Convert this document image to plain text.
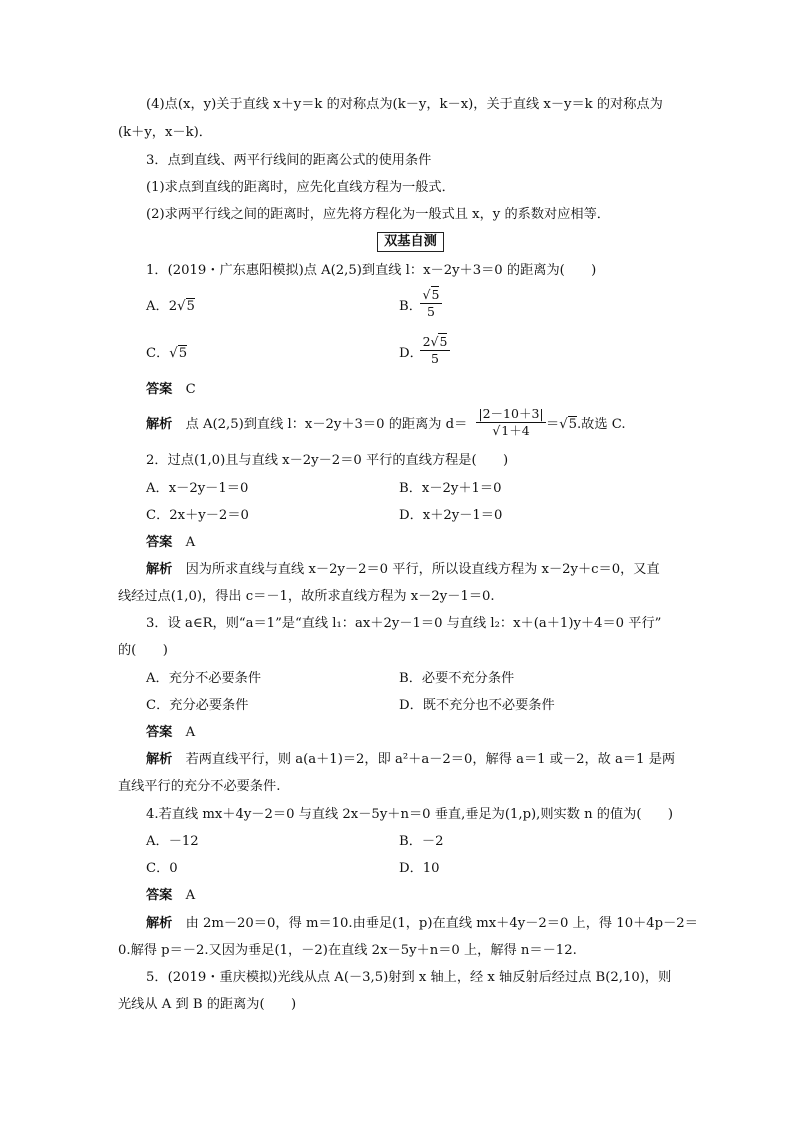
(4)点(x，y)关于直线 x＋y＝k 的对称点为(k－y，k－x)，关于直线 x－y＝k 的对称点为
(k＋y，x－k)．
3．点到直线、两平行线间的距离公式的使用条件
(1)求点到直线的距离时，应先化直线方程为一般式．
(2)求两平行线之间的距离时，应先将方程化为一般式且 x，y 的系数对应相等．
双基自测
1．(2019・广东惠阳模拟)点 A(2,5)到直线 l：x－2y＋3＝0 的距离为(　　)
A．2√5	B．
$\frac{√5}{5}$
C．√5	D．
$\frac{2√5}{5}$
答案　 C
解析　 点 A(2,5)到直线 l：x－2y＋3＝0 的距离为 $d= \frac{|2-10+3|}{√1+4} =√5$.故选 C.
2．过点(1,0)且与直线 x－2y－2＝0 平行的直线方程是(　　)
A．x－2y－1＝0	B．x－2y＋1＝0
C．2x＋y－2＝0	D．x＋2y－1＝0
答案　 A
解析　 因为所求直线与直线 x－2y－2＝0 平行，所以设直线方程为 x－2y＋c＝0，又直
线经过点(1,0)，得出 c＝－1，故所求直线方程为 x－2y－1＝0.
3．设 a∈R，则“a＝1”是“直线 l₁：ax＋2y－1＝0 与直线 l₂：x＋(a＋1)y＋4＝0 平行”
的(　　)
A．充分不必要条件	B．必要不充分条件
C．充分必要条件	D．既不充分也不必要条件
答案　 A
解析　 若两直线平行，则 a(a＋1)＝2，即 a²＋a－2＝0，解得 a＝1 或－2，故 a＝1 是两
直线平行的充分不必要条件.
4.若直线 mx＋4y－2＝0 与直线 2x－5y＋n＝0 垂直,垂足为(1,p),则实数 n 的值为(　　)
A．－12	B．－2
C．0	D．10
答案　 A
解析　 由 2m－20＝0，得 m＝10.由垂足(1，p)在直线 mx＋4y－2＝0 上，得 10＋4p－2＝
0.解得 p＝－2.又因为垂足(1，－2)在直线 2x－5y＋n＝0 上，解得 n＝－12.
5．(2019・重庆模拟)光线从点 A(－3,5)射到 x 轴上，经 x 轴反射后经过点 B(2,10)，则
光线从 A 到 B 的距离为(　　)
